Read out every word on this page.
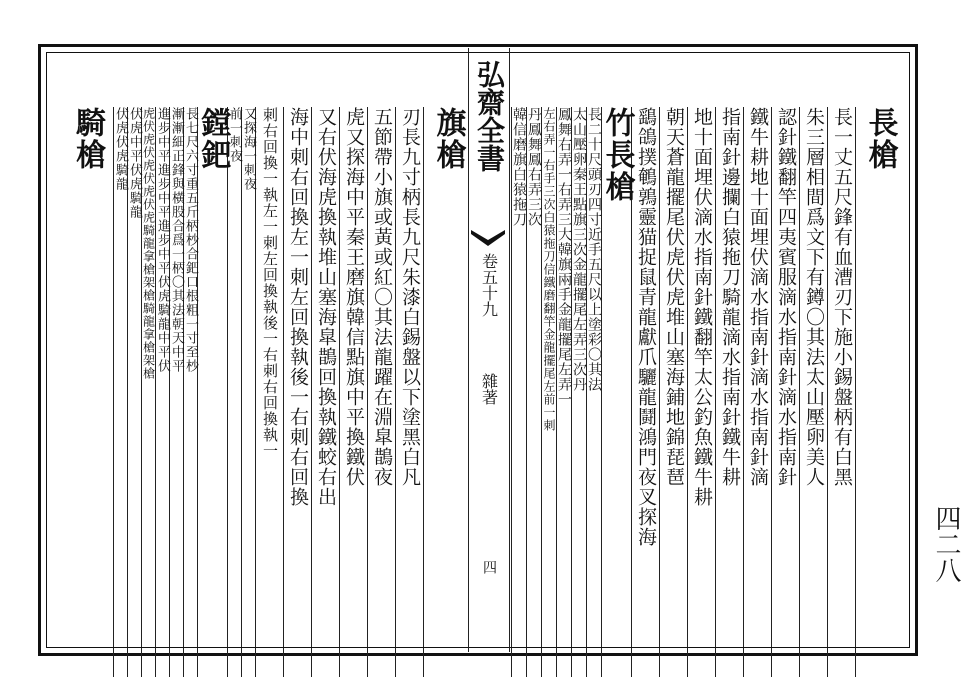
長槍
長一丈五尺鋒有血漕刃下施小錫盤柄有白黑
朱三層相間爲文下有鐏〇其法太山壓卵美人
認針鐵翻竿四夷賓服滴水指南針滴水指南針
鐵牛耕地十面埋伏滴水指南針滴水指南針滴
指南針邊攔白猿拖刀騎龍滴水指南針鐵牛耕
地十面埋伏滴水指南針鐵翻竿太公釣魚鐵牛耕
朝天蒼龍擺尾伏虎伏虎堆山塞海鋪地錦琵琶
鷂鴿撲鵪鶉靈猫捉鼠青龍獻爪驪龍鬪鴻門夜叉探海
竹長槍
長二十尺頭刃四寸近手五尺以上塗彩〇其法
太山壓卵秦王點旗三次金龍擺尾左弄三次丹
鳳舞右弄一右弄三大韓旗兩手金龍擺尾左弄一
左右弄一右手三次白猿拖刀信鐵磨翻竿金龍擺尾左前一刺
丹鳳舞鳳右弄三次
韓信磨旗白猿拖刀
旗槍
刃長九寸柄長九尺朱漆白錫盤以下塗黑白凡
五節帶小旗或黃或紅〇其法龍躍在淵皐鵲夜
虎又探海中平秦王磨旗韓信點旗中平換鐵伏
又右伏海虎換執堆山塞海皐鵲回換執鐵蛟右出
海中刺右回換左一刺左回換執後一右刺右回換
刺右回換一執左一刺左回換執後一右刺右回換執一
又探海一刺夜
前一刺夜
鏜鈀
長七尺六寸重五斤柄杪合鈀口根粗一寸至杪
漸漸細正鋒與橫股合爲一柄〇其法朝天中平
進步中平進步中平進步中平伏虎騎龍中平伏
虎伏虎伏虎伏虎伏虎騎龍拿槍架槍騎龍拿槍架槍
伏虎中平伏虎騎龍
伏虎伏虎騎龍
騎槍	弘齋全書
卷五十九
雜著
四	四二八
